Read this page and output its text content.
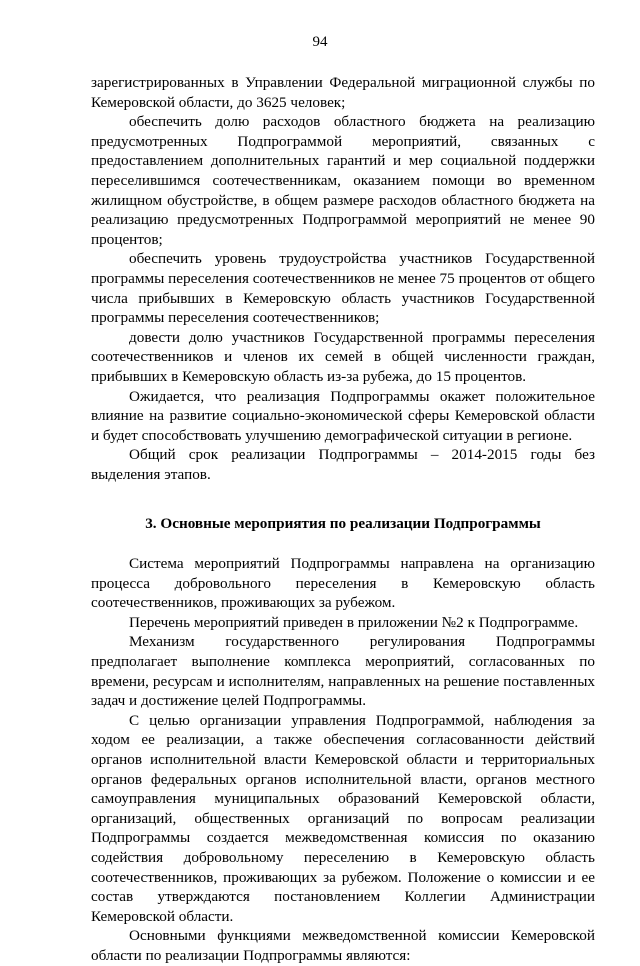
94

зарегистрированных в Управлении Федеральной миграционной службы по Кемеровской области, до 3625 человек;

обеспечить долю расходов областного бюджета на реализацию предусмотренных Подпрограммой мероприятий, связанных с предоставлением дополнительных гарантий и мер социальной поддержки переселившимся соотечественникам, оказанием помощи во временном жилищном обустройстве, в общем размере расходов областного бюджета на реализацию предусмотренных Подпрограммой мероприятий не менее 90 процентов;

обеспечить уровень трудоустройства участников Государственной программы переселения соотечественников не менее 75 процентов от общего числа прибывших в Кемеровскую область участников Государственной программы переселения соотечественников;

довести долю участников Государственной программы переселения соотечественников и членов их семей в общей численности граждан, прибывших в Кемеровскую область из-за рубежа, до 15 процентов.

Ожидается, что реализация Подпрограммы окажет положительное влияние на развитие социально-экономической сферы Кемеровской области и будет способствовать улучшению демографической ситуации в регионе.

Общий срок реализации Подпрограммы – 2014-2015 годы без выделения этапов.

3. Основные мероприятия по реализации Подпрограммы

Система мероприятий Подпрограммы направлена на организацию процесса добровольного переселения в Кемеровскую область соотечественников, проживающих за рубежом.

Перечень мероприятий приведен в приложении №2 к Подпрограмме.

Механизм государственного регулирования Подпрограммы предполагает выполнение комплекса мероприятий, согласованных по времени, ресурсам и исполнителям, направленных на решение поставленных задач и достижение целей Подпрограммы.

С целью организации управления Подпрограммой, наблюдения за ходом ее реализации, а также обеспечения согласованности действий органов исполнительной власти Кемеровской области и территориальных органов федеральных органов исполнительной власти, органов местного самоуправления муниципальных образований Кемеровской области, организаций, общественных организаций по вопросам реализации Подпрограммы создается межведомственная комиссия по оказанию содействия добровольному переселению в Кемеровскую область соотечественников, проживающих за рубежом. Положение о комиссии и ее состав утверждаются постановлением Коллегии Администрации Кемеровской области.

Основными функциями межведомственной комиссии Кемеровской области по реализации Подпрограммы являются:
